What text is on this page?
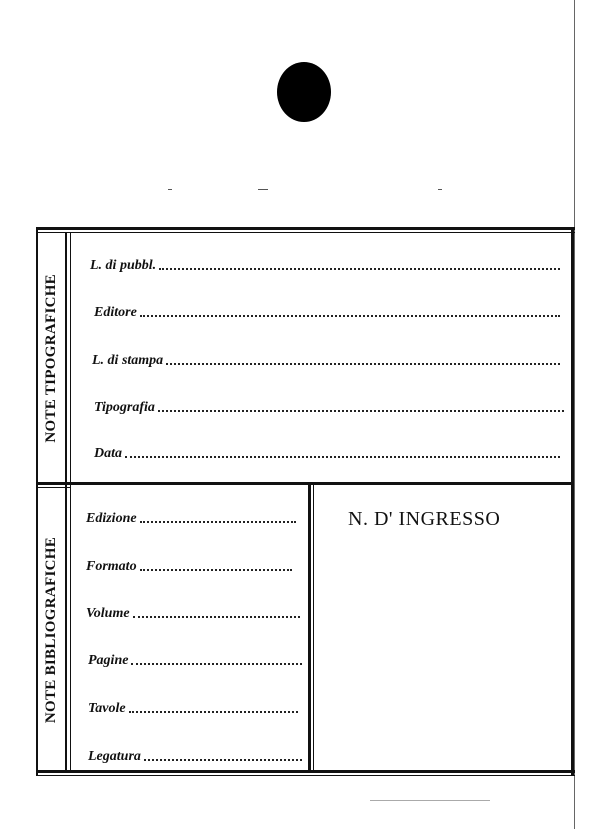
NOTE TIPOGRAFICHE
NOTE BIBLIOGRAFICHE
L. di pubbl.
Editore
L. di stampa
Tipografia
Data
Edizione
Formato
Volume
Pagine
Tavole
Legatura
N. D' INGRESSO
